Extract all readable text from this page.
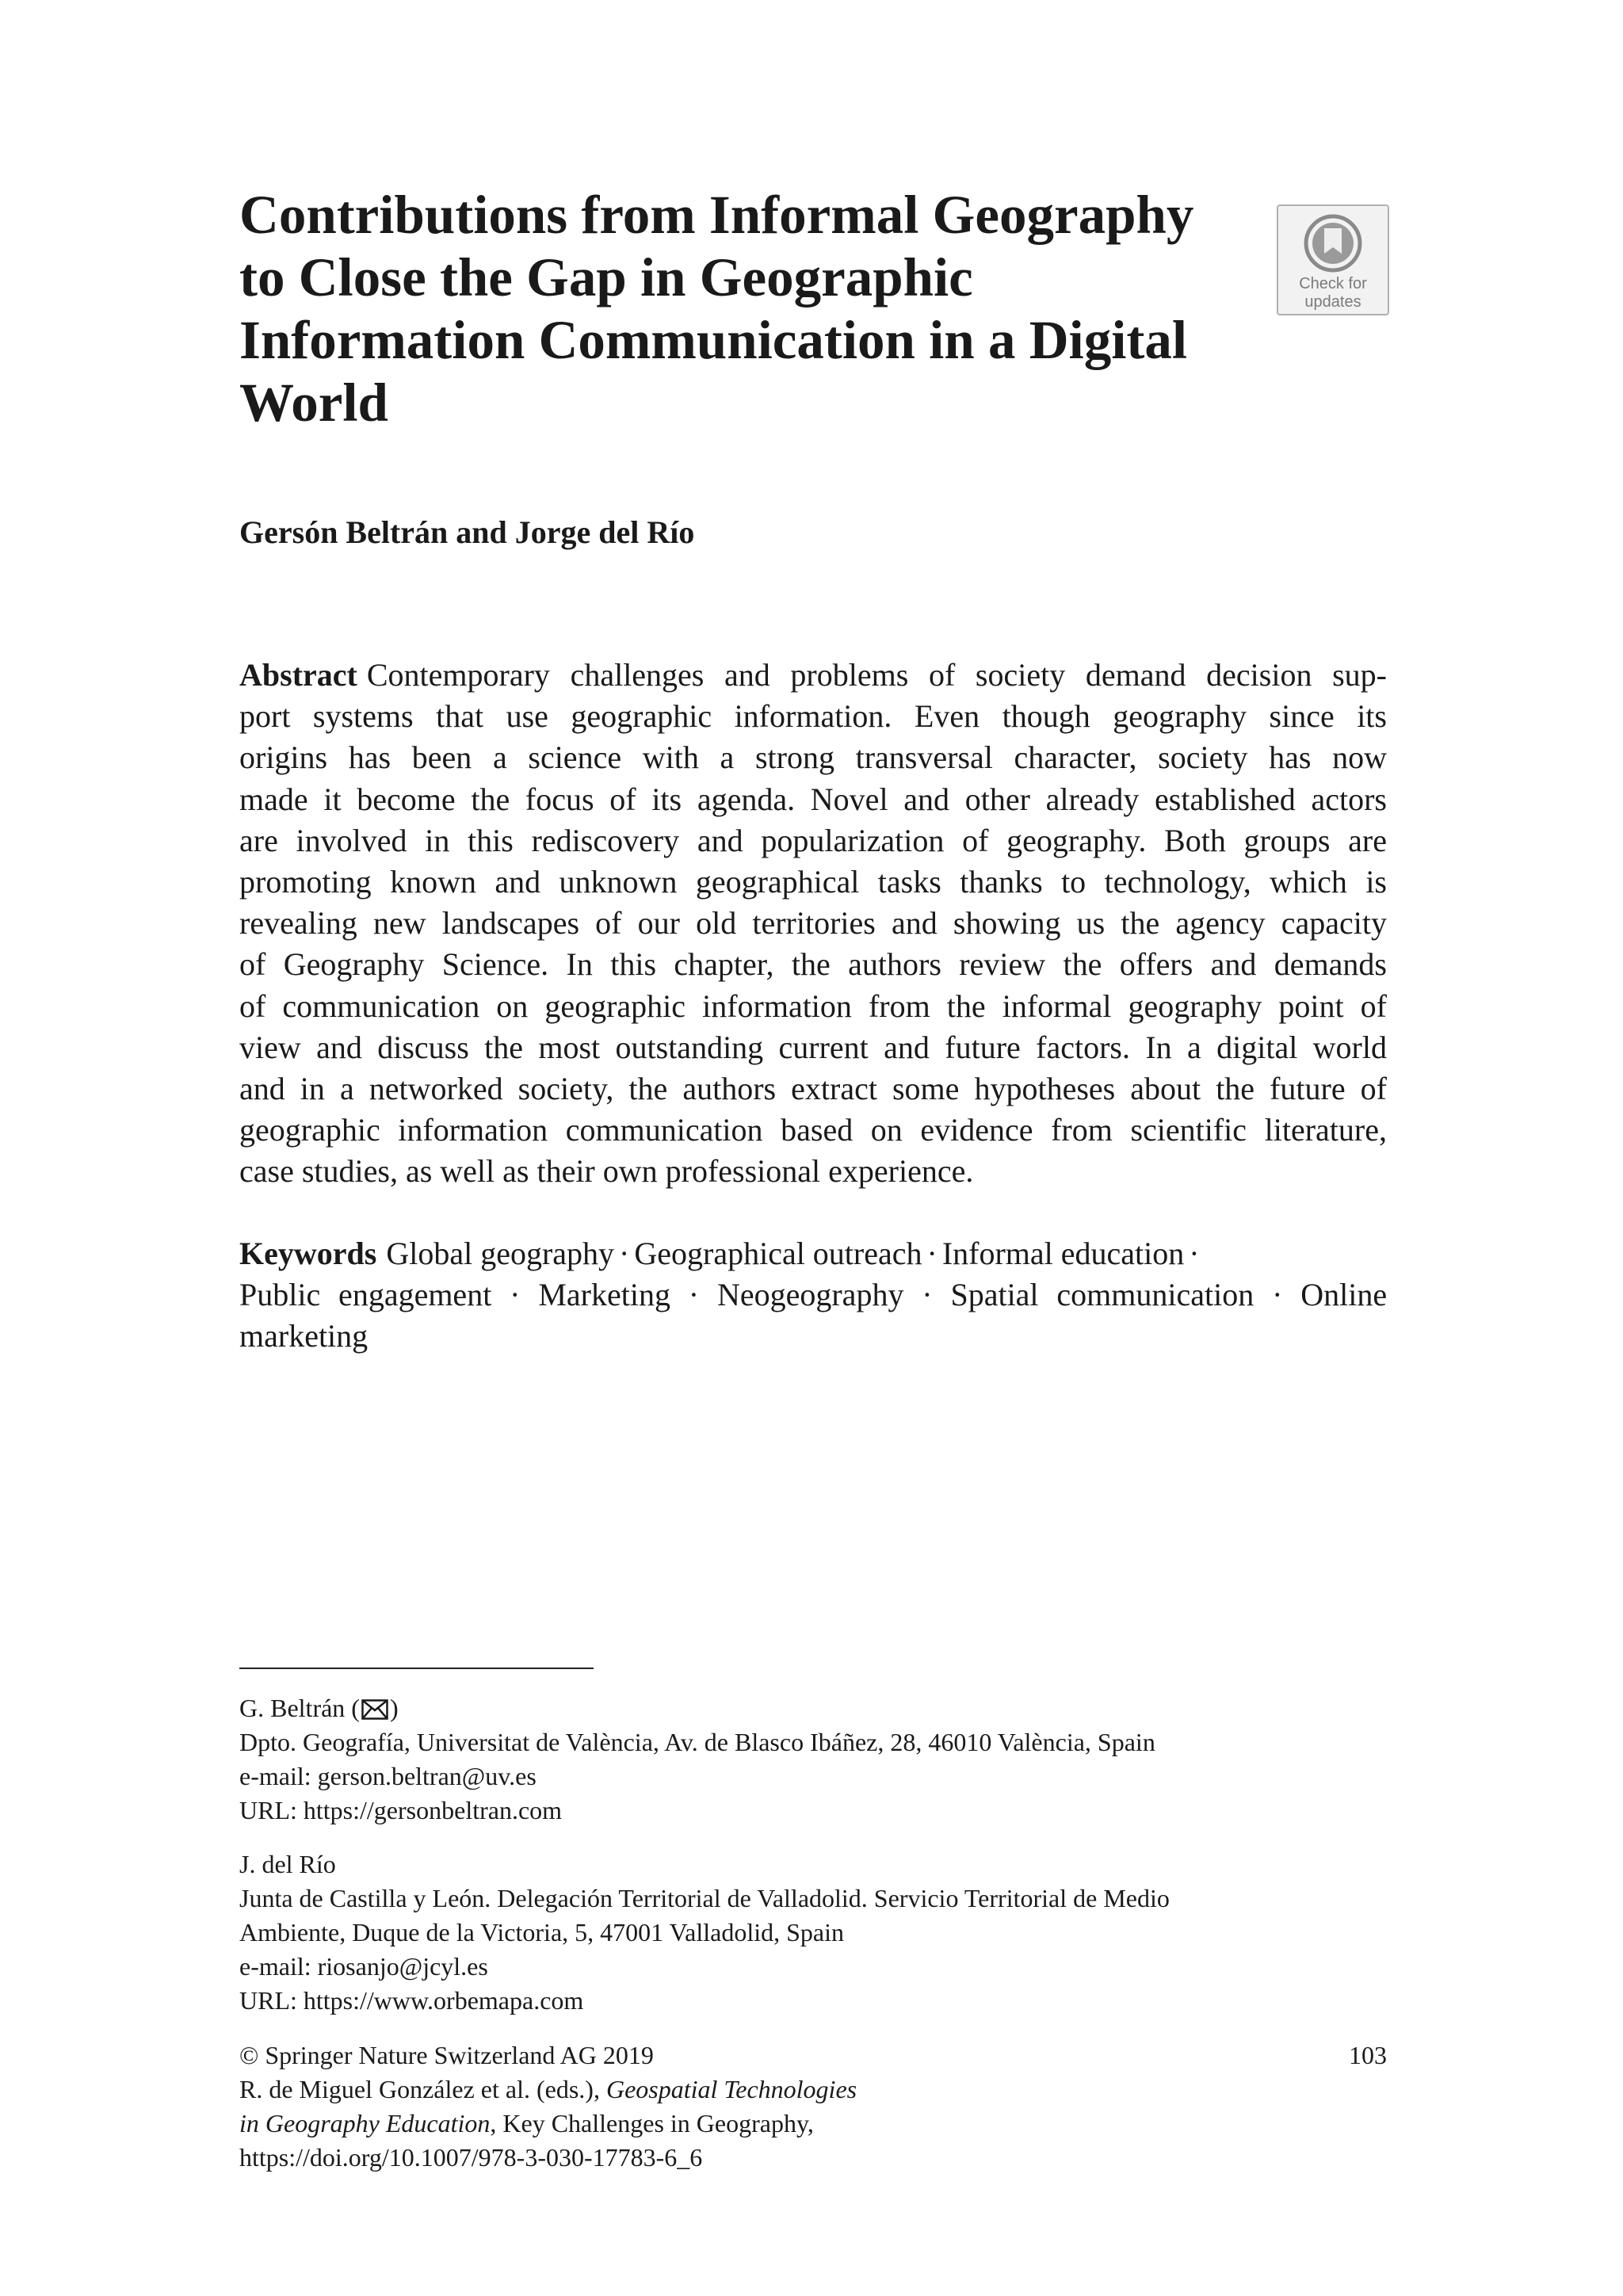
Contributions from Informal Geography
to Close the Gap in Geographic
Information Communication in a Digital
World
Check for
updates
Gersón Beltrán and Jorge del Río

Abstract Contemporary challenges and problems of society demand decision sup-
port systems that use geographic information. Even though geography since its
origins has been a science with a strong transversal character, society has now
made it become the focus of its agenda. Novel and other already established actors
are involved in this rediscovery and popularization of geography. Both groups are
promoting known and unknown geographical tasks thanks to technology, which is
revealing new landscapes of our old territories and showing us the agency capacity
of Geography Science. In this chapter, the authors review the offers and demands
of communication on geographic information from the informal geography point of
view and discuss the most outstanding current and future factors. In a digital world
and in a networked society, the authors extract some hypotheses about the future of
geographic information communication based on evidence from scientific literature,
case studies, as well as their own professional experience.

Keywords Global geography · Geographical outreach · Informal education ·
Public engagement · Marketing · Neogeography · Spatial communication · Online
marketing

G. Beltrán ( )
Dpto. Geografía, Universitat de València, Av. de Blasco Ibáñez, 28, 46010 València, Spain
e-mail: gerson.beltran@uv.es
URL: https://gersonbeltran.com
J. del Río
Junta de Castilla y León. Delegación Territorial de Valladolid. Servicio Territorial de Medio
Ambiente, Duque de la Victoria, 5, 47001 Valladolid, Spain
e-mail: riosanjo@jcyl.es
URL: https://www.orbemapa.com
© Springer Nature Switzerland AG 2019
R. de Miguel González et al. (eds.), Geospatial Technologies
in Geography Education, Key Challenges in Geography,
https://doi.org/10.1007/978-3-030-17783-6_6
103
